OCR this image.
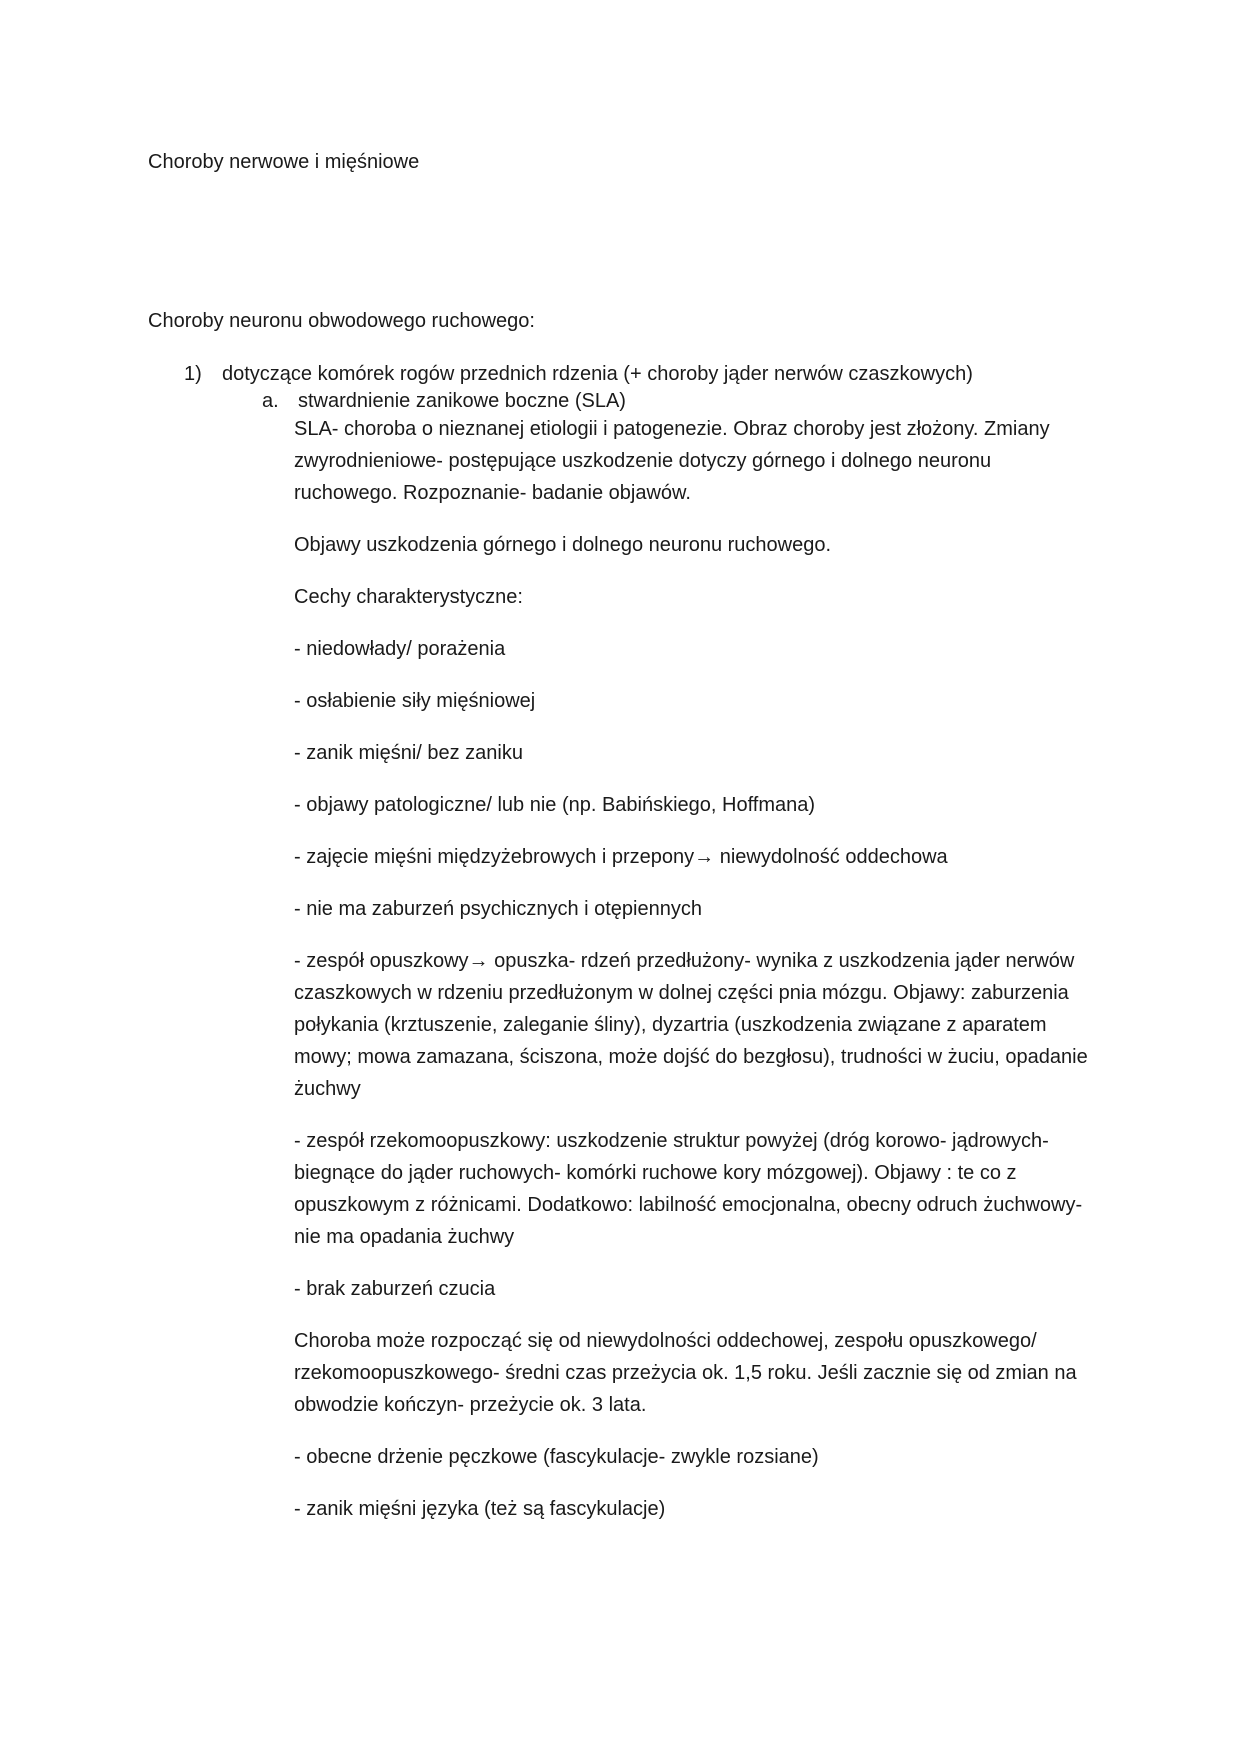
Choroby nerwowe i mięśniowe
Choroby neuronu obwodowego ruchowego:
1) dotyczące komórek rogów przednich rdzenia (+ choroby jąder nerwów czaszkowych)
a. stwardnienie zanikowe boczne (SLA)

SLA- choroba o nieznanej etiologii i patogenezie. Obraz choroby jest złożony. Zmiany zwyrodnieniowe- postępujące uszkodzenie dotyczy górnego i dolnego neuronu ruchowego. Rozpoznanie- badanie objawów.

Objawy uszkodzenia górnego i dolnego neuronu ruchowego.

Cechy charakterystyczne:

- niedowłady/ porażenia

- osłabienie siły mięśniowej

- zanik mięśni/ bez zaniku

- objawy patologiczne/ lub nie (np. Babińskiego, Hoffmana)

- zajęcie mięśni międzyżebrowych i przepony→ niewydolność oddechowa

- nie ma zaburzeń psychicznych i otępiennych

- zespół opuszkowy→ opuszka- rdzeń przedłużony- wynika z uszkodzenia jąder nerwów czaszkowych w rdzeniu przedłużonym w dolnej części pnia mózgu. Objawy: zaburzenia połykania (krztuszenie, zaleganie śliny), dyzartria (uszkodzenia związane z aparatem mowy; mowa zamazana, ściszona, może dojść do bezgłosu), trudności w żuciu, opadanie żuchwy

- zespół rzekomoopuszkowy: uszkodzenie struktur powyżej (dróg korowo- jądrowych- biegnące do jąder ruchowych- komórki ruchowe kory mózgowej). Objawy : te co z opuszkowym z różnicami. Dodatkowo: labilność emocjonalna, obecny odruch żuchwowy- nie ma opadania żuchwy

- brak zaburzeń czucia

Choroba może rozpocząć się od niewydolności oddechowej, zespołu opuszkowego/ rzekomoopuszkowego- średni czas przeżycia ok. 1,5 roku. Jeśli zacznie się od zmian na obwodzie kończyn- przeżycie ok. 3 lata.

- obecne drżenie pęczkowe (fascykulacje- zwykle rozsiane)

- zanik mięśni języka (też są fascykulacje)
